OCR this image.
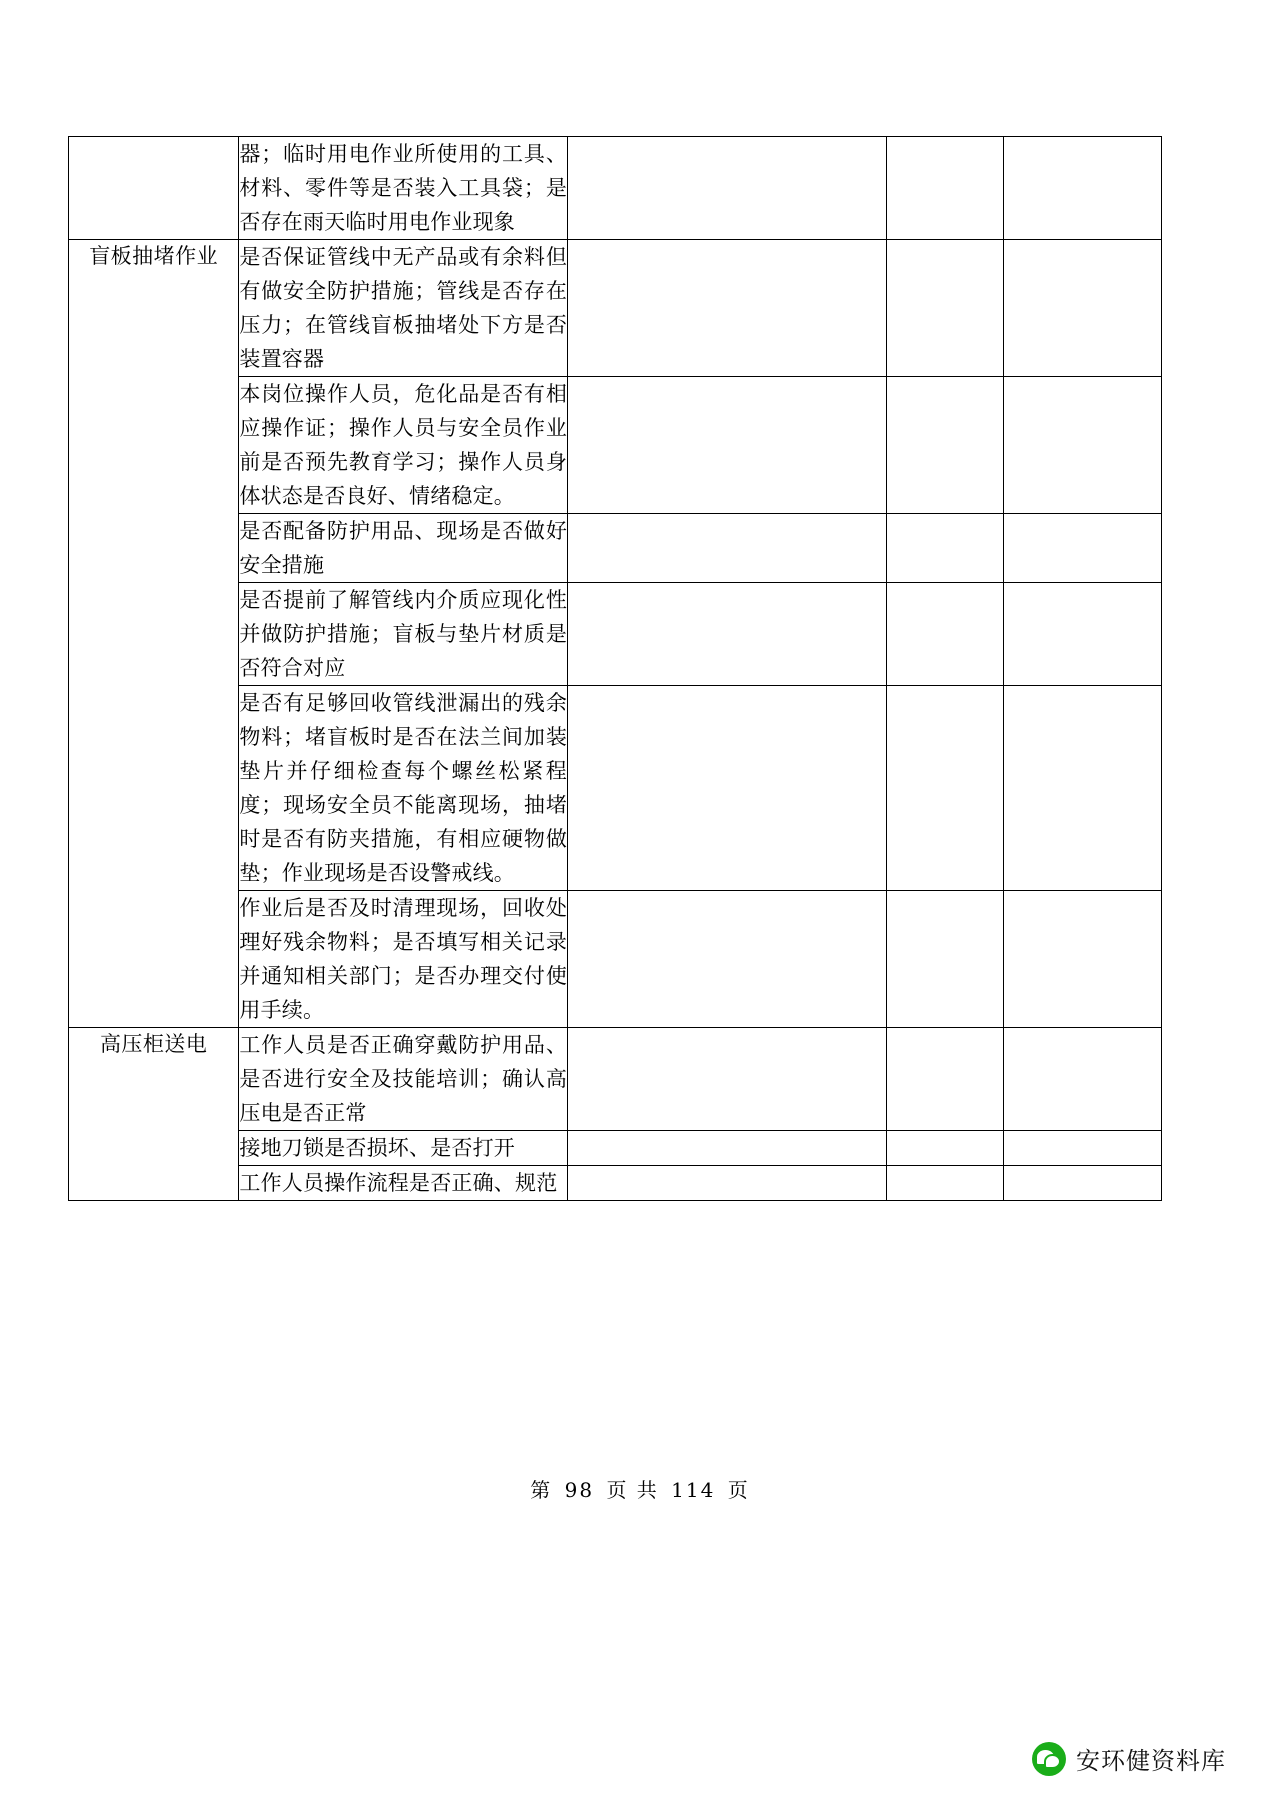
	器；临时用电作业所使用的工具、材料、零件等是否装入工具袋；是否存在雨天临时用电作业现象			
盲板抽堵作业	是否保证管线中无产品或有余料但有做安全防护措施；管线是否存在压力；在管线盲板抽堵处下方是否装置容器			
	本岗位操作人员，危化品是否有相应操作证；操作人员与安全员作业前是否预先教育学习；操作人员身体状态是否良好、情绪稳定。			
	是否配备防护用品、现场是否做好安全措施			
	是否提前了解管线内介质应现化性并做防护措施；盲板与垫片材质是否符合对应			
	是否有足够回收管线泄漏出的残余物料；堵盲板时是否在法兰间加装垫片并仔细检查每个螺丝松紧程度；现场安全员不能离现场，抽堵时是否有防夹措施，有相应硬物做垫；作业现场是否设警戒线。			
	作业后是否及时清理现场，回收处理好残余物料；是否填写相关记录并通知相关部门；是否办理交付使用手续。			
高压柜送电	工作人员是否正确穿戴防护用品、是否进行安全及技能培训；确认高压电是否正常			
	接地刀锁是否损坏、是否打开			
	工作人员操作流程是否正确、规范			
第 98 页 共 114 页
安环健资料库
